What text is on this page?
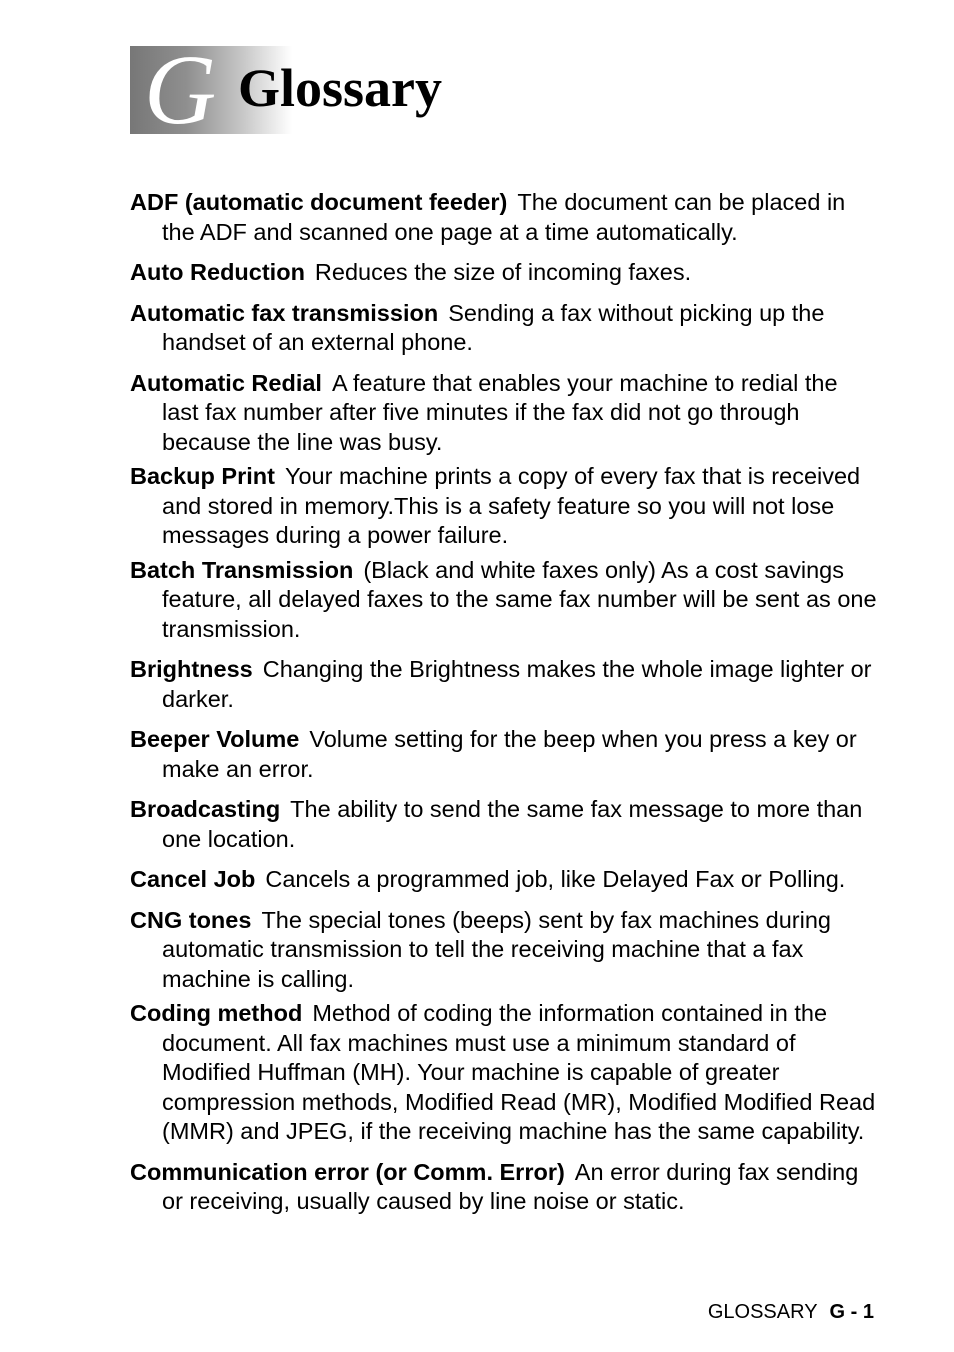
G Glossary
ADF (automatic document feeder) The document can be placed in the ADF and scanned one page at a time automatically.
Auto Reduction Reduces the size of incoming faxes.
Automatic fax transmission Sending a fax without picking up the handset of an external phone.
Automatic Redial A feature that enables your machine to redial the last fax number after five minutes if the fax did not go through because the line was busy.
Backup Print Your machine prints a copy of every fax that is received and stored in memory.This is a safety feature so you will not lose messages during a power failure.
Batch Transmission (Black and white faxes only) As a cost savings feature, all delayed faxes to the same fax number will be sent as one transmission.
Brightness Changing the Brightness makes the whole image lighter or darker.
Beeper Volume Volume setting for the beep when you press a key or make an error.
Broadcasting The ability to send the same fax message to more than one location.
Cancel Job Cancels a programmed job, like Delayed Fax or Polling.
CNG tones The special tones (beeps) sent by fax machines during automatic transmission to tell the receiving machine that a fax machine is calling.
Coding method Method of coding the information contained in the document. All fax machines must use a minimum standard of Modified Huffman (MH). Your machine is capable of greater compression methods, Modified Read (MR), Modified Modified Read (MMR) and JPEG, if the receiving machine has the same capability.
Communication error (or Comm. Error) An error during fax sending or receiving, usually caused by line noise or static.
GLOSSARY G - 1
